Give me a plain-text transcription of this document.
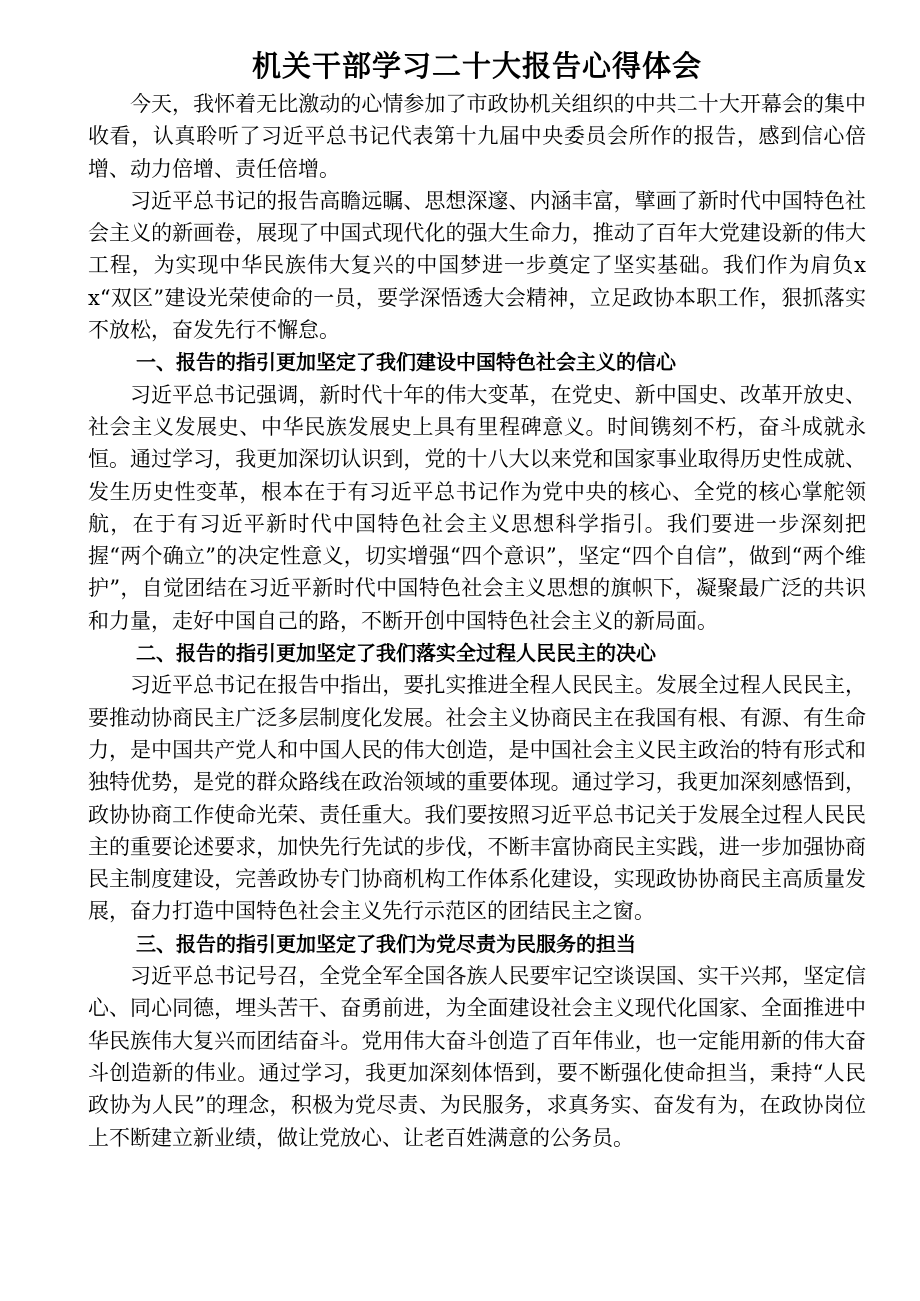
机关干部学习二十大报告心得体会

今天，我怀着无比激动的心情参加了市政协机关组织的中共二十大开幕会的集中收看，认真聆听了习近平总书记代表第十九届中央委员会所作的报告，感到信心倍增、动力倍增、责任倍增。

习近平总书记的报告高瞻远瞩、思想深邃、内涵丰富，擘画了新时代中国特色社会主义的新画卷，展现了中国式现代化的强大生命力，推动了百年大党建设新的伟大工程，为实现中华民族伟大复兴的中国梦进一步奠定了坚实基础。我们作为肩负xx“双区”建设光荣使命的一员，要学深悟透大会精神，立足政协本职工作，狠抓落实不放松，奋发先行不懈怠。

一、报告的指引更加坚定了我们建设中国特色社会主义的信心

习近平总书记强调，新时代十年的伟大变革，在党史、新中国史、改革开放史、社会主义发展史、中华民族发展史上具有里程碑意义。时间镌刻不朽，奋斗成就永恒。通过学习，我更加深切认识到，党的十八大以来党和国家事业取得历史性成就、发生历史性变革，根本在于有习近平总书记作为党中央的核心、全党的核心掌舵领航，在于有习近平新时代中国特色社会主义思想科学指引。我们要进一步深刻把握“两个确立”的决定性意义，切实增强“四个意识”，坚定“四个自信”，做到“两个维护”，自觉团结在习近平新时代中国特色社会主义思想的旗帜下，凝聚最广泛的共识和力量，走好中国自己的路，不断开创中国特色社会主义的新局面。

二、报告的指引更加坚定了我们落实全过程人民民主的决心

习近平总书记在报告中指出，要扎实推进全程人民民主。发展全过程人民民主，要推动协商民主广泛多层制度化发展。社会主义协商民主在我国有根、有源、有生命力，是中国共产党人和中国人民的伟大创造，是中国社会主义民主政治的特有形式和独特优势，是党的群众路线在政治领域的重要体现。通过学习，我更加深刻感悟到，政协协商工作使命光荣、责任重大。我们要按照习近平总书记关于发展全过程人民民主的重要论述要求，加快先行先试的步伐，不断丰富协商民主实践，进一步加强协商民主制度建设，完善政协专门协商机构工作体系化建设，实现政协协商民主高质量发展，奋力打造中国特色社会主义先行示范区的团结民主之窗。

三、报告的指引更加坚定了我们为党尽责为民服务的担当

习近平总书记号召，全党全军全国各族人民要牢记空谈误国、实干兴邦，坚定信心、同心同德，埋头苦干、奋勇前进，为全面建设社会主义现代化国家、全面推进中华民族伟大复兴而团结奋斗。党用伟大奋斗创造了百年伟业，也一定能用新的伟大奋斗创造新的伟业。通过学习，我更加深刻体悟到，要不断强化使命担当，秉持“人民政协为人民”的理念，积极为党尽责、为民服务，求真务实、奋发有为，在政协岗位上不断建立新业绩，做让党放心、让老百姓满意的公务员。
